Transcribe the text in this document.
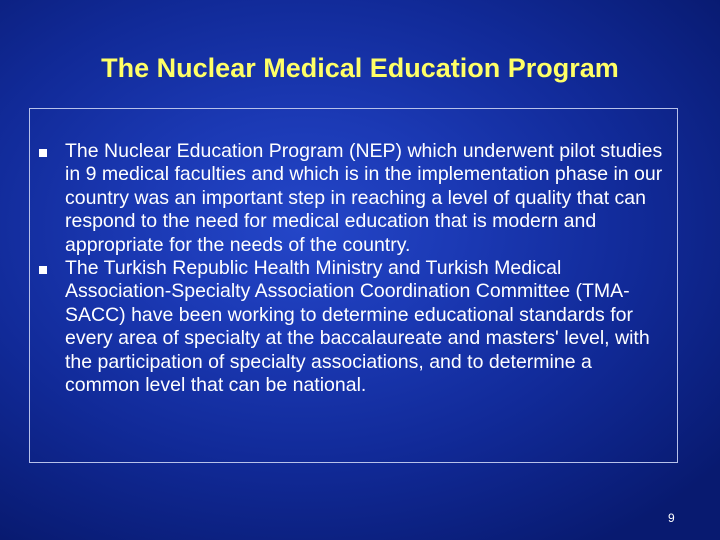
The Nuclear Medical Education Program
The Nuclear Education Program (NEP) which underwent pilot studies in 9 medical faculties and which is in the implementation phase in our country was an important step in reaching a level of quality that can respond to the need for medical education that is modern and appropriate for the needs of the country.
The Turkish Republic Health Ministry and Turkish Medical Association-Specialty Association Coordination Committee (TMA-SACC) have been working to determine educational standards for every area of specialty at the baccalaureate and masters' level, with the participation of specialty associations, and to determine a common level that can be national.
9
